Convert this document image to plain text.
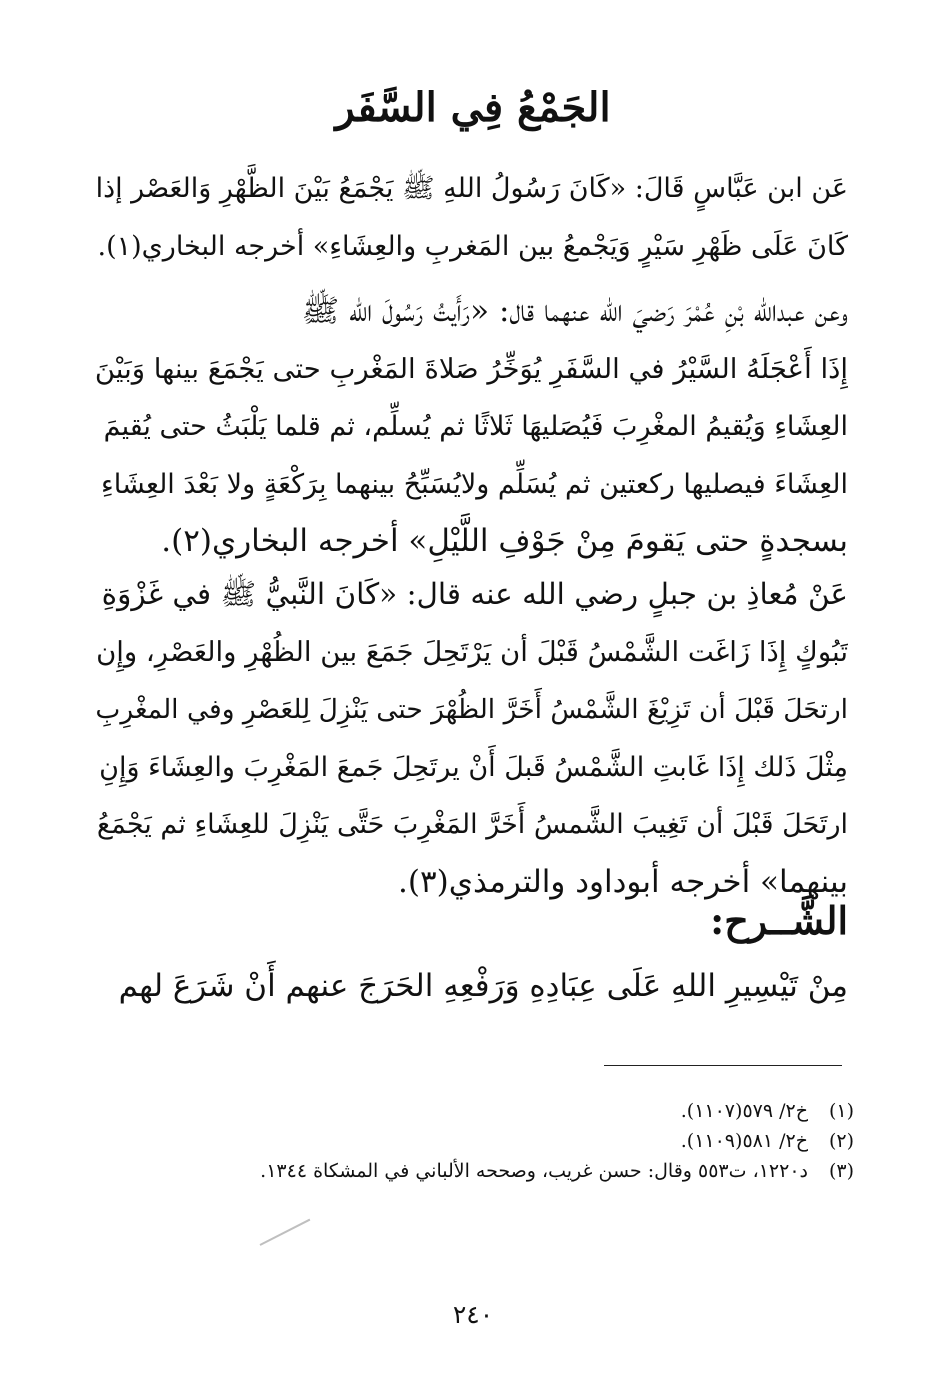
الجَمْعُ فِي السَّفَر

عَن ابن عَبَّاسٍ قَالَ: «كَانَ رَسُولُ اللهِ ﷺ يَجْمَعُ بَيْنَ الظَّهْرِ وَالعَصْر إذا
كَانَ عَلَى ظَهْرِ سَيْرٍ وَيَجْمعُ بين المَغربِ والعِشَاءِ» أخرجه البخاري(١).

وعن عبدالله بْنِ عُمْرَ رَضيَ الله عنهما قال: «رَأَيتُ رَسُولَ الله ﷺ
إِذَا أَعْجَلَهُ السَّيْرُ في السَّفَرِ يُوَخِّرُ صَلاةَ المَغْربِ حتى يَجْمَعَ بينها وَبَيْنَ
العِشَاءِ وَيُقيمُ المغْرِبَ فَيُصَليهَا ثَلاثًا ثم يُسلِّم، ثم قلما يَلْبَثُ حتى يُقيمَ
العِشَاءَ فيصليها ركعتين ثم يُسَلِّم ولايُسَبِّحُ بينهما بِرَكْعَةٍ ولا بَعْدَ العِشَاءِ
بسجدةٍ حتى يَقومَ مِنْ جَوْفِ اللَّيْلِ» أخرجه البخاري(٢).

عَنْ مُعاذِ بن جبلٍ رضي الله عنه قال: «كَانَ النَّبيُّ ﷺ في غَزْوَةِ
تَبُوكٍ إِذَا زَاغَت الشَّمْسُ قَبْلَ أن يَرْتَحِلَ جَمَعَ بين الظُهْرِ والعَصْرِ، وإِن
ارتحَلَ قَبْلَ أن تَزِيْغَ الشَّمْسُ أَخَرَّ الظُهْرَ حتى يَنْزِلَ لِلعَصْرِ وفي المغْرِبِ
مِثْلَ ذَلك إِذَا غَابتِ الشَّمْسُ قَبلَ أَنْ يرتَحِلَ جَمعَ المَغْرِبَ والعِشَاءَ وَإِنِ
ارتَحَلَ قَبْلَ أن تَغِيبَ الشَّمسُ أَخَرَّ المَغْرِبَ حَتَّى يَنْزِلَ للعِشَاءِ ثم يَجْمَعُ
بينهما» أخرجه أبوداود والترمذي(٣).

الشَّــرح:

مِنْ تَيْسِيرِ اللهِ عَلَى عِبَادِهِ وَرَفْعِهِ الحَرَجَ عنهم أَنْ شَرَعَ لهم

(١)
خ٢/ ٥٧٩(١١٠٧).
(٢)
خ٢/ ٥٨١(١١٠٩).
(٣)
د١٢٢٠، ت٥٥٣ وقال: حسن غريب، وصححه الألباني في المشكاة ١٣٤٤.

٢٤٠
